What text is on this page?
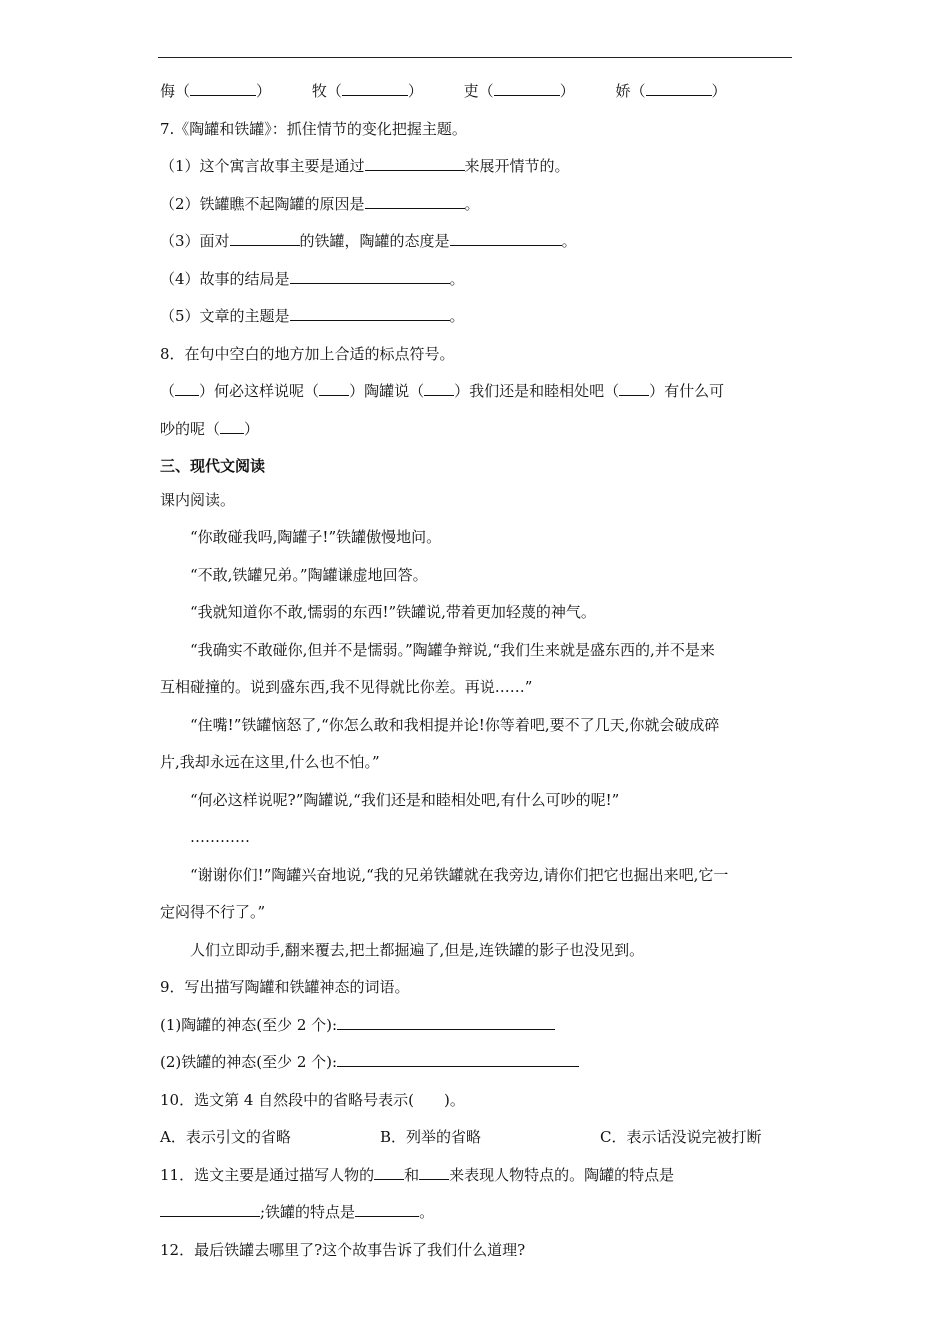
侮（	）	牧（	）	吏（	）	娇（	）
7.《陶罐和铁罐》：抓住情节的变化把握主题。
（1）这个寓言故事主要是通过	来展开情节的。
（2）铁罐瞧不起陶罐的原因是	。
（3）面对	的铁罐，陶罐的态度是	。
（4）故事的结局是	。
（5）文章的主题是	。
8．在句中空白的地方加上合适的标点符号。
（ ）何必这样说呢（ ）陶罐说（ ）我们还是和睦相处吧（ ）有什么可
吵的呢（ ）
三、现代文阅读
课内阅读。
“你敢碰我吗,陶罐子!”铁罐傲慢地问。
“不敢,铁罐兄弟。”陶罐谦虚地回答。
“我就知道你不敢,懦弱的东西!”铁罐说,带着更加轻蔑的神气。
“我确实不敢碰你,但并不是懦弱。”陶罐争辩说,“我们生来就是盛东西的,并不是来
互相碰撞的。说到盛东西,我不见得就比你差。再说……”
“住嘴!”铁罐恼怒了,“你怎么敢和我相提并论!你等着吧,要不了几天,你就会破成碎
片,我却永远在这里,什么也不怕。”
“何必这样说呢?”陶罐说,“我们还是和睦相处吧,有什么可吵的呢!”
…………
“谢谢你们!”陶罐兴奋地说,“我的兄弟铁罐就在我旁边,请你们把它也掘出来吧,它一
定闷得不行了。”
人们立即动手,翻来覆去,把土都掘遍了,但是,连铁罐的影子也没见到。
9．写出描写陶罐和铁罐神态的词语。
(1)陶罐的神态(至少 2 个):
(2)铁罐的神态(至少 2 个):
10．选文第 4 自然段中的省略号表示(　　)。
A．表示引文的省略	B．列举的省略	C．表示话没说完被打断
11．选文主要是通过描写人物的 和 来表现人物特点的。陶罐的特点是
;铁罐的特点是	。
12．最后铁罐去哪里了?这个故事告诉了我们什么道理?
